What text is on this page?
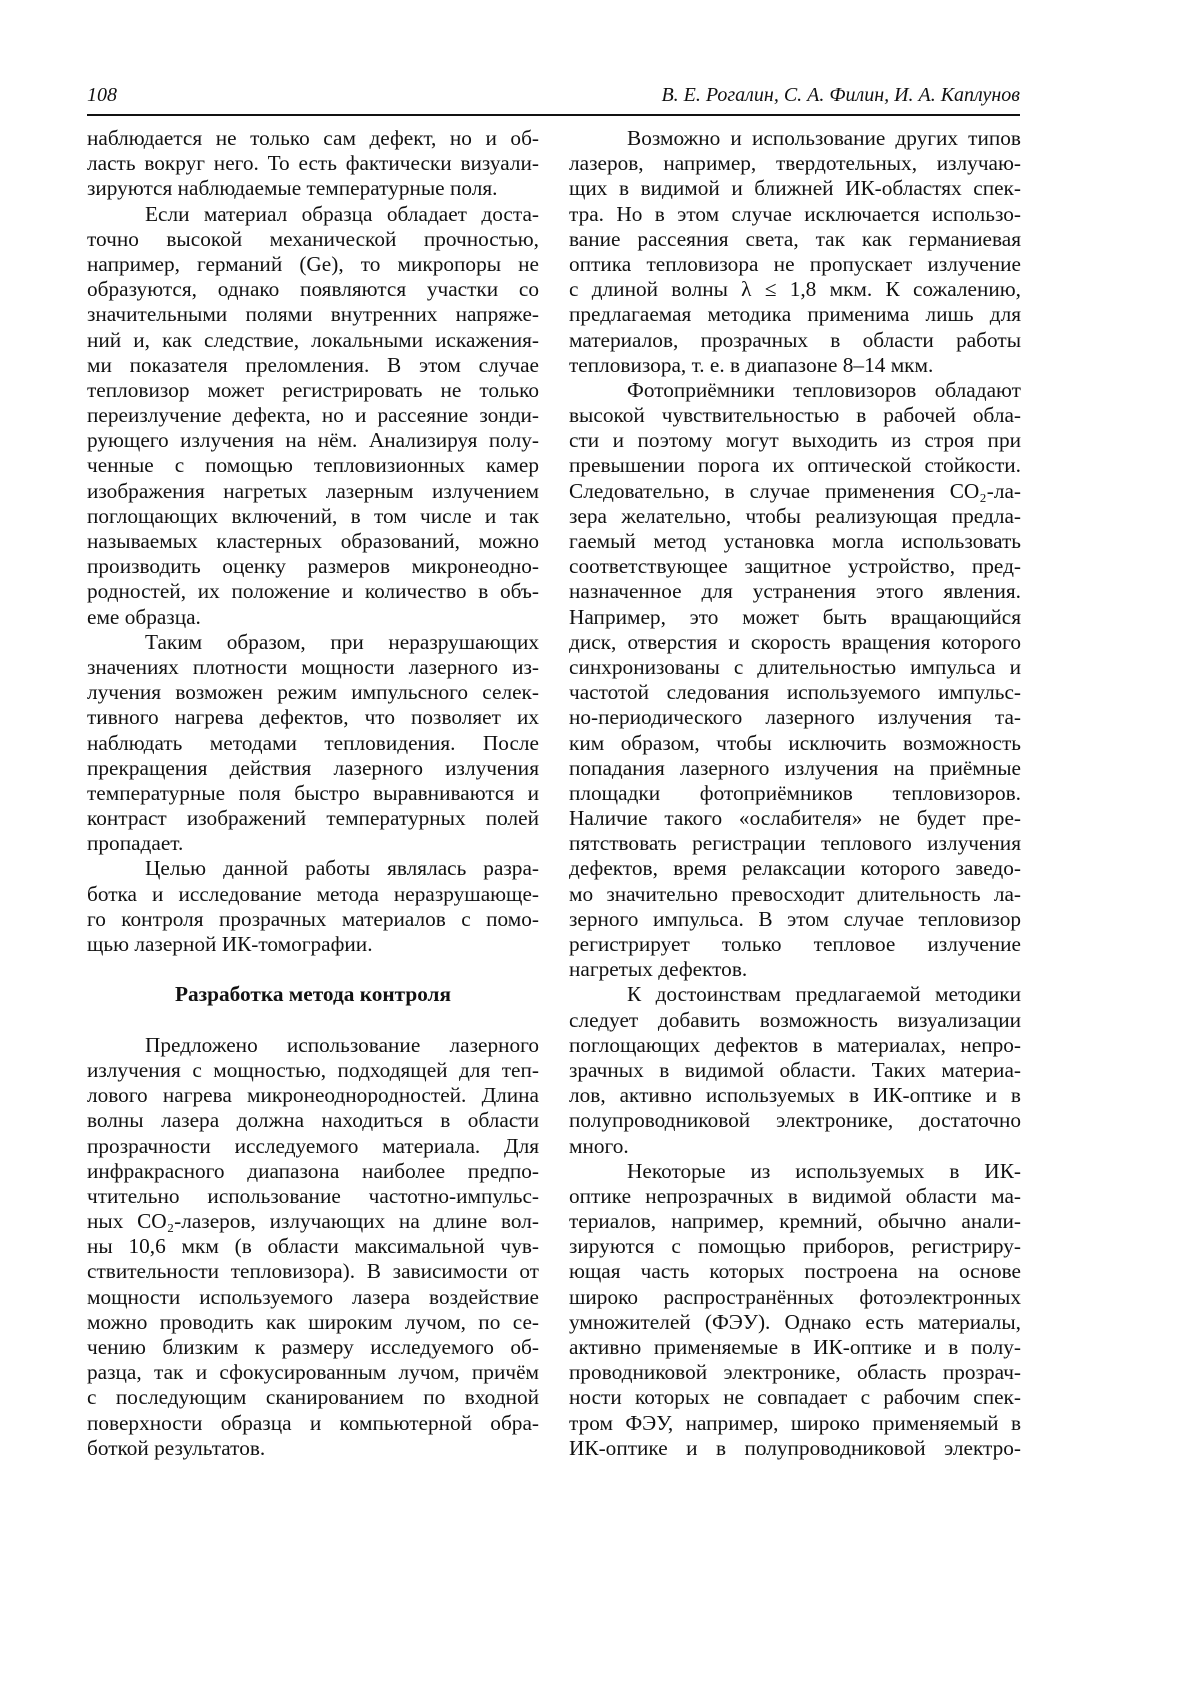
108	В. Е. Рогалин, С. А. Филин, И. А. Каплунов
наблюдается не только сам дефект, но и об-
ласть вокруг него. То есть фактически визуали-
зируются наблюдаемые температурные поля.
Если материал образца обладает доста-
точно высокой механической прочностью,
например, германий (Ge), то микропоры не
образуются, однако появляются участки со
значительными полями внутренних напряже-
ний и, как следствие, локальными искажения-
ми показателя преломления. В этом случае
тепловизор может регистрировать не только
переизлучение дефекта, но и рассеяние зонди-
рующего излучения на нём. Анализируя полу-
ченные с помощью тепловизионных камер
изображения нагретых лазерным излучением
поглощающих включений, в том числе и так
называемых кластерных образований, можно
производить оценку размеров микронеодно-
родностей, их положение и количество в объ-
еме образца.
Таким образом, при неразрушающих
значениях плотности мощности лазерного из-
лучения возможен режим импульсного селек-
тивного нагрева дефектов, что позволяет их
наблюдать методами тепловидения. После
прекращения действия лазерного излучения
температурные поля быстро выравниваются и
контраст изображений температурных полей
пропадает.
Целью данной работы являлась разра-
ботка и исследование метода неразрушающе-
го контроля прозрачных материалов с помо-
щью лазерной ИК-томографии.
Разработка метода контроля
Предложено использование лазерного
излучения с мощностью, подходящей для теп-
лового нагрева микронеоднородностей. Длина
волны лазера должна находиться в области
прозрачности исследуемого материала. Для
инфракрасного диапазона наиболее предпо-
чтительно использование частотно-импульс-
ных CO₂-лазеров, излучающих на длине вол-
ны 10,6 мкм (в области максимальной чув-
ствительности тепловизора). В зависимости от
мощности используемого лазера воздействие
можно проводить как широким лучом, по се-
чению близким к размеру исследуемого об-
разца, так и сфокусированным лучом, причём
с последующим сканированием по входной
поверхности образца и компьютерной обра-
боткой результатов.
Возможно и использование других типов
лазеров, например, твердотельных, излучаю-
щих в видимой и ближней ИК-областях спек-
тра. Но в этом случае исключается использо-
вание рассеяния света, так как германиевая
оптика тепловизора не пропускает излучение
с длиной волны λ ≤ 1,8 мкм. К сожалению,
предлагаемая методика применима лишь для
материалов, прозрачных в области работы
тепловизора, т. е. в диапазоне 8–14 мкм.
Фотоприёмники тепловизоров обладают
высокой чувствительностью в рабочей обла-
сти и поэтому могут выходить из строя при
превышении порога их оптической стойкости.
Следовательно, в случае применения CO₂-ла-
зера желательно, чтобы реализующая предла-
гаемый метод установка могла использовать
соответствующее защитное устройство, пред-
назначенное для устранения этого явления.
Например, это может быть вращающийся
диск, отверстия и скорость вращения которого
синхронизованы с длительностью импульса и
частотой следования используемого импульс-
но-периодического лазерного излучения та-
ким образом, чтобы исключить возможность
попадания лазерного излучения на приёмные
площадки фотоприёмников тепловизоров.
Наличие такого «ослабителя» не будет пре-
пятствовать регистрации теплового излучения
дефектов, время релаксации которого заведо-
мо значительно превосходит длительность ла-
зерного импульса. В этом случае тепловизор
регистрирует только тепловое излучение
нагретых дефектов.
К достоинствам предлагаемой методики
следует добавить возможность визуализации
поглощающих дефектов в материалах, непро-
зрачных в видимой области. Таких материа-
лов, активно используемых в ИК-оптике и в
полупроводниковой электронике, достаточно
много.
Некоторые из используемых в ИК-
оптике непрозрачных в видимой области ма-
териалов, например, кремний, обычно анали-
зируются с помощью приборов, регистриру-
ющая часть которых построена на основе
широко распространённых фотоэлектронных
умножителей (ФЭУ). Однако есть материалы,
активно применяемые в ИК-оптике и в полу-
проводниковой электронике, область прозрач-
ности которых не совпадает с рабочим спек-
тром ФЭУ, например, широко применяемый в
ИК-оптике и в полупроводниковой электро-
